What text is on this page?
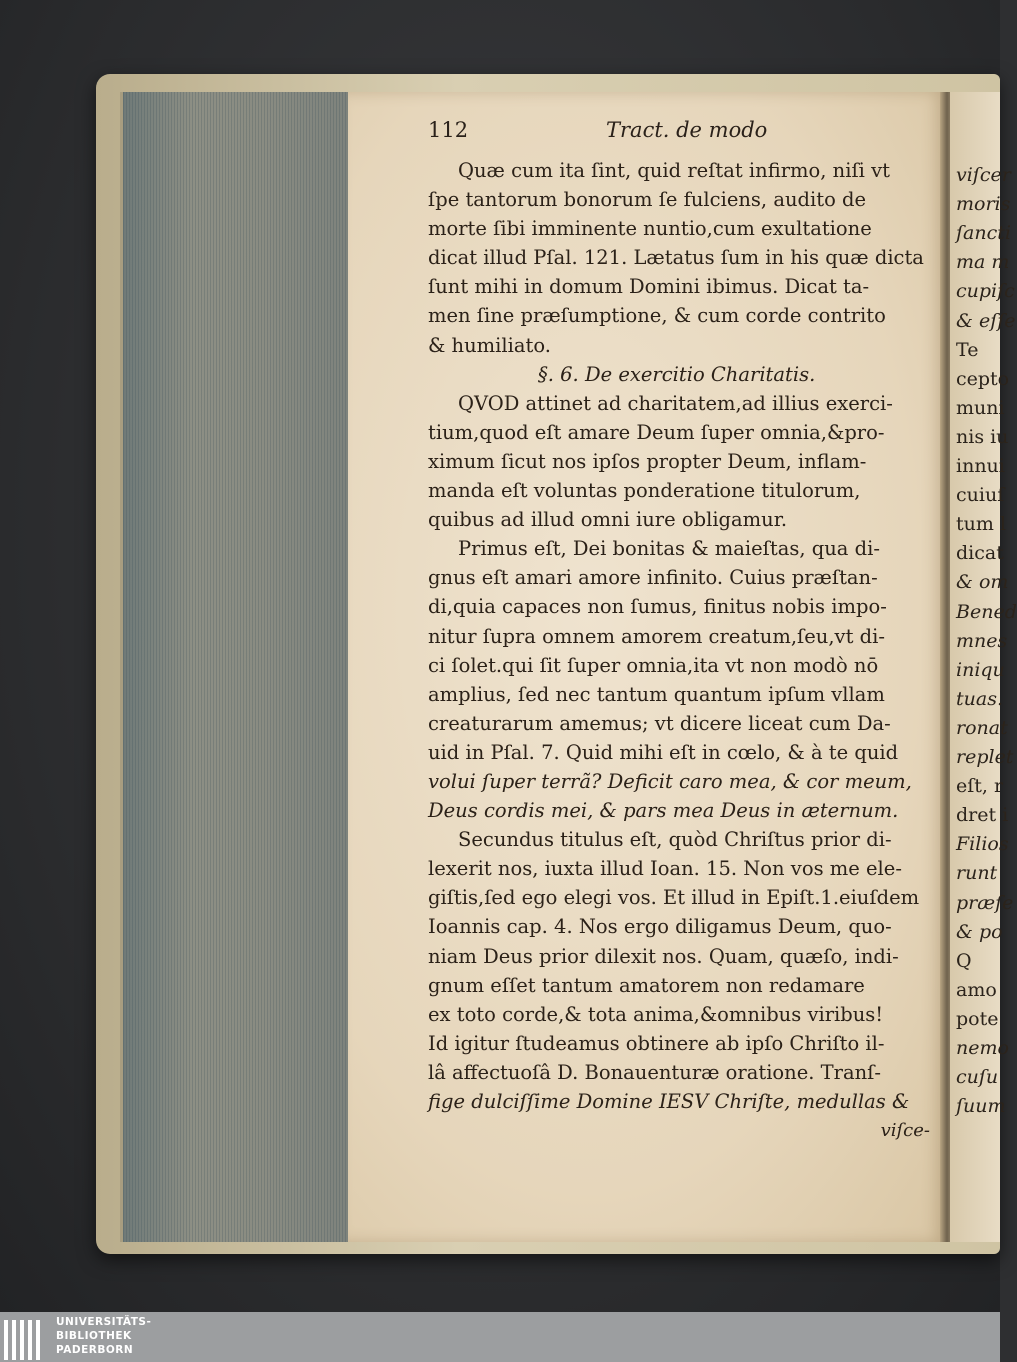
viſcer
moris
ſancti
ma m
cupiſc
& eſſe
Te
cepto
muni
nis iu
innui
cuiuſ
tum l
dicat
& om
Bened
mnes
iniqu
tuas.
ronat
replet
eſt, r
dret i
Filios
runt
præſe
& po
Q
amo
pote
nemo
cuſu
ſuum
112	Tract. de modo
Quæ cum ita ſint, quid reſtat infirmo, niſi vt
ſpe tantorum bonorum ſe fulciens, audito de
morte ſibi imminente nuntio,cum exultatione
dicat illud Pſal. 121. Lætatus ſum in his quæ dicta
ſunt mihi in domum Domini ibimus. Dicat ta-
men ſine præſumptione, & cum corde contrito
& humiliato.
§. 6. De exercitio Charitatis.
QVOD attinet ad charitatem,ad illius exerci-
tium,quod eſt amare Deum ſuper omnia,&pro-
ximum ſicut nos ipſos propter Deum, inflam-
manda eſt voluntas ponderatione titulorum,
quibus ad illud omni iure obligamur.
Primus eſt, Dei bonitas & maieſtas, qua di-
gnus eſt amari amore infinito. Cuius præſtan-
di,quia capaces non ſumus, finitus nobis impo-
nitur ſupra omnem amorem creatum,ſeu,vt di-
ci ſolet.qui ſit ſuper omnia,ita vt non modò nō
amplius, ſed nec tantum quantum ipſum vllam
creaturarum amemus; vt dicere liceat cum Da-
uid in Pſal. 7. Quid mihi eſt in cœlo, & à te quid
volui ſuper terrã? Deficit caro mea, & cor meum,
Deus cordis mei, & pars mea Deus in æternum.
Secundus titulus eſt, quòd Chriſtus prior di-
lexerit nos, iuxta illud Ioan. 15. Non vos me ele-
giſtis,ſed ego elegi vos. Et illud in Epiſt.1.eiuſdem
Ioannis cap. 4. Nos ergo diligamus Deum, quo-
niam Deus prior dilexit nos. Quam, quæſo, indi-
gnum eſſet tantum amatorem non redamare
ex toto corde,& tota anima,&omnibus viribus!
Id igitur ſtudeamus obtinere ab ipſo Chriſto il-
lâ affectuoſâ D. Bonauenturæ oratione. Tranſ-
fige dulciſſime Domine IESV Chriſte, medullas &
viſce-
UNIVERSITÄTS-
BIBLIOTHEK
PADERBORN
